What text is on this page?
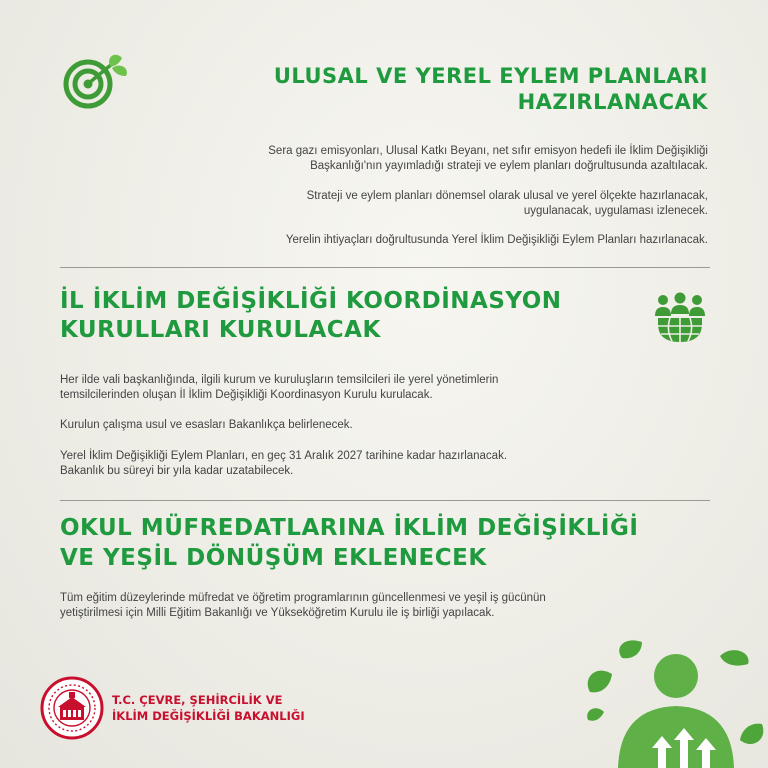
ULUSAL VE YEREL EYLEM PLANLARI
HAZIRLANACAK

Sera gazı emisyonları, Ulusal Katkı Beyanı, net sıfır emisyon hedefi ile İklim Değişikliği

Başkanlığı'nın yayımladığı strateji ve eylem planları doğrultusunda azaltılacak.

Strateji ve eylem planları dönemsel olarak ulusal ve yerel ölçekte hazırlanacak,

uygulanacak, uygulaması izlenecek.

Yerelin ihtiyaçları doğrultusunda Yerel İklim Değişikliği Eylem Planları hazırlanacak.

İL İKLİM DEĞİŞİKLİĞİ KOORDİNASYON
KURULLARI KURULACAK

Her ilde vali başkanlığında, ilgili kurum ve kuruluşların temsilcileri ile yerel yönetimlerin

temsilcilerinden oluşan İl İklim Değişikliği Koordinasyon Kurulu kurulacak.

Kurulun çalışma usul ve esasları Bakanlıkça belirlenecek.

Yerel İklim Değişikliği Eylem Planları, en geç 31 Aralık 2027 tarihine kadar hazırlanacak.

Bakanlık bu süreyi bir yıla kadar uzatabilecek.

OKUL MÜFREDATLARINA İKLİM DEĞİŞİKLİĞİ
VE YEŞİL DÖNÜŞÜM EKLENECEK

Tüm eğitim düzeylerinde müfredat ve öğretim programlarının güncellenmesi ve yeşil iş gücünün

yetiştirilmesi için Milli Eğitim Bakanlığı ve Yükseköğretim Kurulu ile iş birliği yapılacak.

T.C. ÇEVRE, ŞEHİRCİLİK VE

İKLİM DEĞİŞİKLİĞİ BAKANLIĞI
